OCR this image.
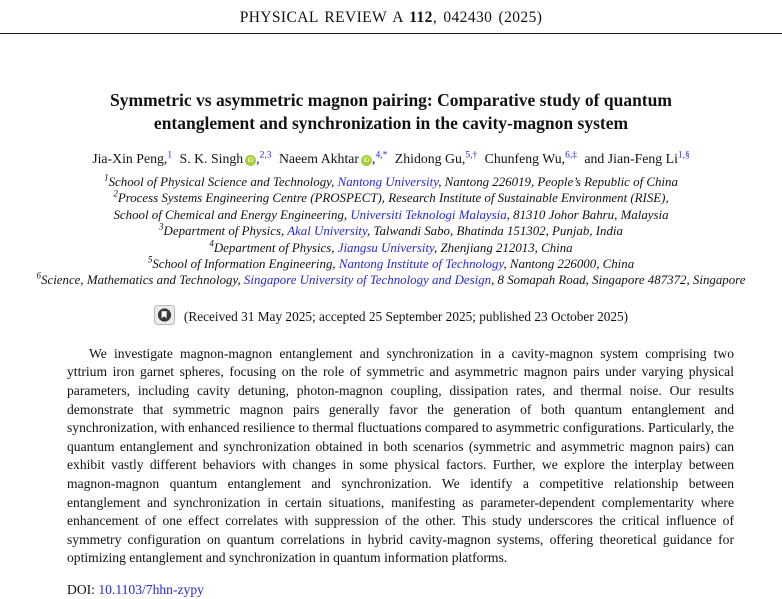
PHYSICAL REVIEW A 112, 042430 (2025)
Symmetric vs asymmetric magnon pairing: Comparative study of quantum entanglement and synchronization in the cavity-magnon system
Jia-Xin Peng,$^1$ S. K. Singh iD ,$^{2,3}$ Naeem Akhtar iD ,$^{4,*}$ Zhidong Gu,$^{5,\dagger}$ Chunfeng Wu,$^{6,\ddagger}$ and Jian-Feng $Li^{1,\S}$
$^1$School of Physical Science and Technology, Nantong University, Nantong 226019, People’s Republic of China
$^2$Process Systems Engineering Centre (PROSPECT), Research Institute of Sustainable Environment (RISE),
School of Chemical and Energy Engineering, Universiti Teknologi Malaysia, 81310 Johor Bahru, Malaysia
$^3$Department of Physics, Akal University, Talwandi Sabo, Bhatinda 151302, Punjab, India
$^4$Department of Physics, Jiangsu University, Zhenjiang 212013, China
$^5$School of Information Engineering, Nantong Institute of Technology, Nantong 226000, China
$^6$Science, Mathematics and Technology, Singapore University of Technology and Design, 8 Somapah Road, Singapore 487372, Singapore
(Received 31 May 2025; accepted 25 September 2025; published 23 October 2025)

We investigate magnon-magnon entanglement and synchronization in a cavity-magnon system comprising two yttrium iron garnet spheres, focusing on the role of symmetric and asymmetric magnon pairs under varying physical parameters, including cavity detuning, photon-magnon coupling, dissipation rates, and thermal noise. Our results demonstrate that symmetric magnon pairs generally favor the generation of both quantum entanglement and synchronization, with enhanced resilience to thermal fluctuations compared to asymmetric configurations. Particularly, the quantum entanglement and synchronization obtained in both scenarios (symmetric and asymmetric magnon pairs) can exhibit vastly different behaviors with changes in some physical factors. Further, we explore the interplay between magnon-magnon quantum entanglement and synchronization. We identify a competitive relationship between entanglement and synchronization in certain situations, manifesting as parameter-dependent complementarity where enhancement of one effect correlates with suppression of the other. This study underscores the critical influence of symmetry configuration on quantum correlations in hybrid cavity-magnon systems, offering theoretical guidance for optimizing entanglement and synchronization in quantum information platforms.

DOI: 10.1103/7hhn-zypy
